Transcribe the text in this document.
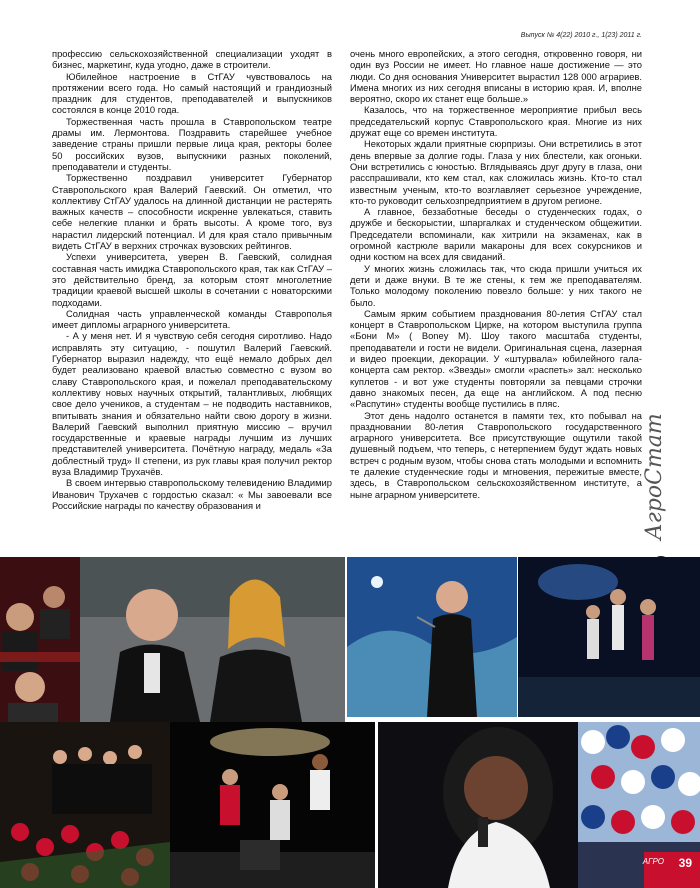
Выпуск № 4(22) 2010 г., 1(23) 2011 г.

профессию сельскохозяйственной специализации уходят в бизнес, маркетинг, куда угодно, даже в строители.

Юбилейное настроение в СтГАУ чувствовалось на протяжении всего года. Но самый настоящий и грандиозный праздник для студентов, преподавателей и выпускников состоялся в конце 2010 года.

Торжественная часть прошла в Ставропольском театре драмы им. Лермонтова. Поздравить старейшее учебное заведение страны пришли первые лица края, ректоры более 50 российских вузов, выпускники разных поколений, преподаватели и студенты.

Торжественно поздравил университет Губернатор Ставропольского края Валерий Гаевский. Он отметил, что коллективу СтГАУ удалось на длинной дистанции не растерять важных качеств – способности искренне увлекаться, ставить себе нелегкие планки и брать высоты. А кроме того, вуз нарастил лидерский потенциал. И для края стало привычным видеть СтГАУ в верхних строчках вузовских рейтингов.

Успехи университета, уверен В. Гаевский, солидная составная часть имиджа Ставропольского края, так как СтГАУ – это действительно бренд, за которым стоят многолетние традиции краевой высшей школы в сочетании с новаторскими подходами.

Солидная часть управленческой команды Ставрополья имеет дипломы аграрного университета.

- А у меня нет. И я чувствую себя сегодня сиротливо. Надо исправлять эту ситуацию, - пошутил Валерий Гаевский. Губернатор выразил надежду, что ещё немало добрых дел будет реализовано краевой властью совместно с вузом во славу Ставропольского края, и пожелал преподавательскому коллективу новых научных открытий, талантливых, любящих свое дело учеников, а студентам – не подводить наставников, впитывать знания и обязательно найти свою дорогу в жизни. Валерий Гаевский выполнил приятную миссию – вручил государственные и краевые награды лучшим из лучших представителей университета. Почётную награду, медаль «За доблестный труд» II степени, из рук главы края получил ректор вуза Владимир Трухачёв.

В своем интервью ставропольскому телевидению Владимир Иванович Трухачев с гордостью сказал: « Мы завоевали все Российские награды по качеству образования и

очень много европейских, а этого сегодня, откровенно говоря, ни один вуз России не имеет. Но главное наше достижение — это люди. Со дня основания Университет вырастил 128 000 аграриев. Имена многих из них сегодня вписаны в историю края. И, вполне вероятно, скоро их станет еще больше.»

Казалось, что на торжественное мероприятие прибыл весь председательский корпус Ставропольского края. Многие из них дружат еще со времен института.

Некоторых ждали приятные сюрпризы. Они встретились в этот день впервые за долгие годы. Глаза у них блестели, как огоньки. Они встретились с юностью. Вглядываясь друг другу в глаза, они расспрашивали, кто кем стал, как сложилась жизнь. Кто-то стал известным ученым, кто-то возглавляет серьезное учреждение, кто-то руководит сельхозпредприятием в другом регионе.

А главное, беззаботные беседы о студенческих годах, о дружбе и бескорыстии, шпаргалках и студенческом общежитии. Председатели вспоминали, как хитрили на экзаменах, как в огромной кастрюле варили макароны для всех сокурсников и одни костюм на всех для свиданий.

У многих жизнь сложилась так, что сюда пришли учиться их дети и даже внуки. В те же стены, к тем же преподавателям. Только молодому поколению повезло больше: у них такого не было.

Самым ярким событием празднования 80-летия СтГАУ стал концерт в Ставропольском Цирке, на котором выступила группа «Бони М» ( Boney M). Шоу такого масштаба студенты, преподаватели и гости не видели. Оригинальная сцена, лазерная и видео проекции, декорации. У «штурвала» юбилейного гала-концерта сам ректор. «Звезды» смогли «распеть» зал: несколько куплетов - и вот уже студенты повторяли за певцами строчки давно знакомых песен, да еще на английском. А под песню «Распутин» студенты вообще пустились в пляс.

Этот день надолго останется в памяти тех, кто побывал на праздновании 80-летия Ставропольского государственного аграрного университета. Все присутствующие ощутили такой душевный подъем, что теперь, с нетерпением будут ждать новых встреч с родным вузом, чтобы снова стать молодыми и вспомнить те далекие студенческие годы и мгновения, пережитые вместе, здесь, в Ставропольском сельскохозяйственном институте, а ныне аграрном университете.	АгроСтат
АГРО 39
